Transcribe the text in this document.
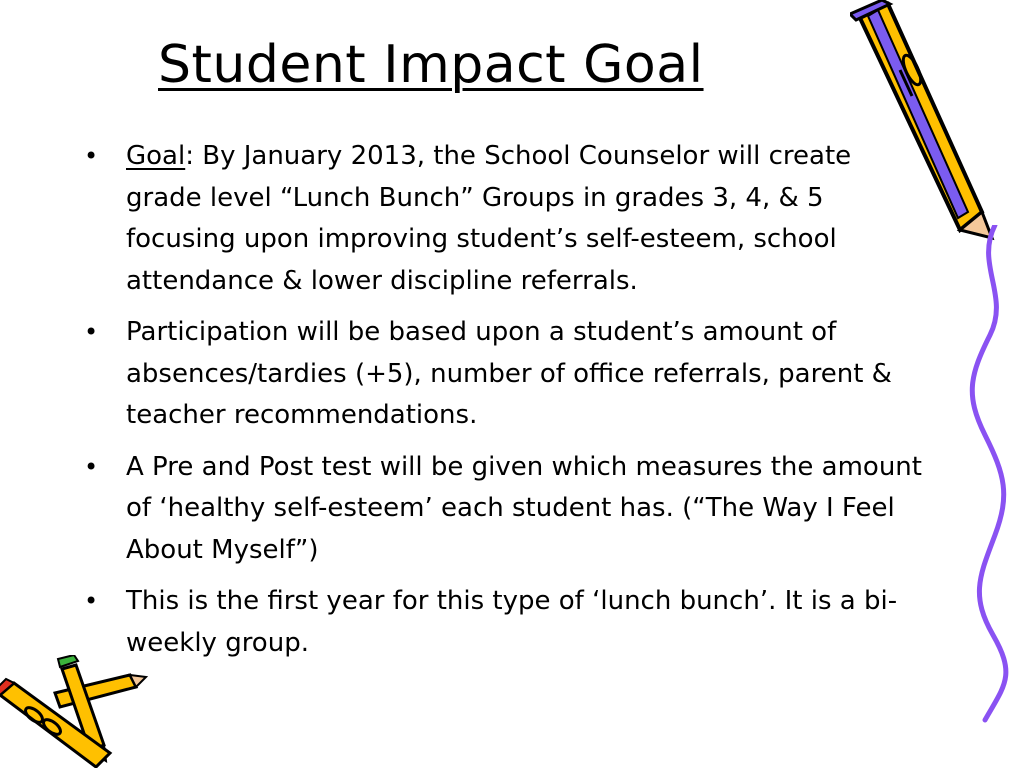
Student Impact Goal
• Goal: By January 2013, the School Counselor will create grade level “Lunch Bunch” Groups in grades 3, 4, & 5 focusing upon improving student’s self-esteem, school attendance & lower discipline referrals.
• Participation will be based upon a student’s amount of absences/tardies (+5), number of office referrals, parent & teacher recommendations.
• A Pre and Post test will be given which measures the amount of ‘healthy self-esteem’ each student has. (“The Way I Feel About Myself”)
• This is the first year for this type of ‘lunch bunch’. It is a bi-weekly group.
